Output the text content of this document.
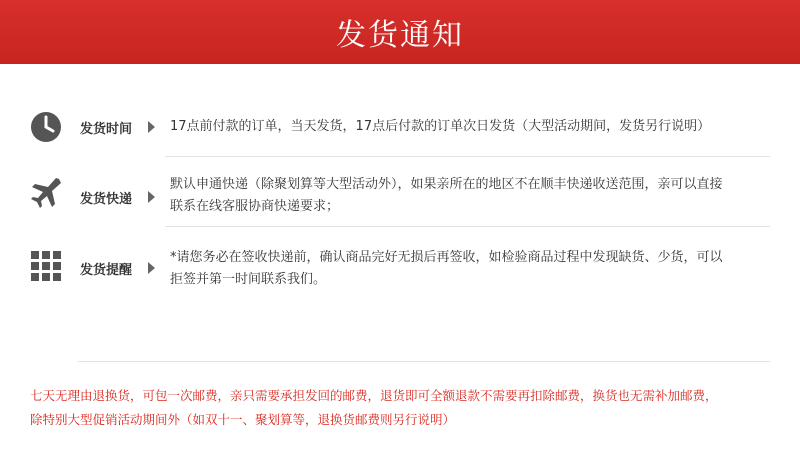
发货通知
发货时间	17点前付款的订单，当天发货，17点后付款的订单次日发货（大型活动期间，发货另行说明）
发货快递
默认申通快递（除聚划算等大型活动外），如果亲所在的地区不在顺丰快递收送范围，亲可以直接
联系在线客服协商快递要求；
发货提醒
*请您务必在签收快递前，确认商品完好无损后再签收，如检验商品过程中发现缺货、少货，可以
拒签并第一时间联系我们。
七天无理由退换货，可包一次邮费，亲只需要承担发回的邮费，退货即可全额退款不需要再扣除邮费，换货也无需补加邮费，
除特别大型促销活动期间外（如双十一、聚划算等，退换货邮费则另行说明）
